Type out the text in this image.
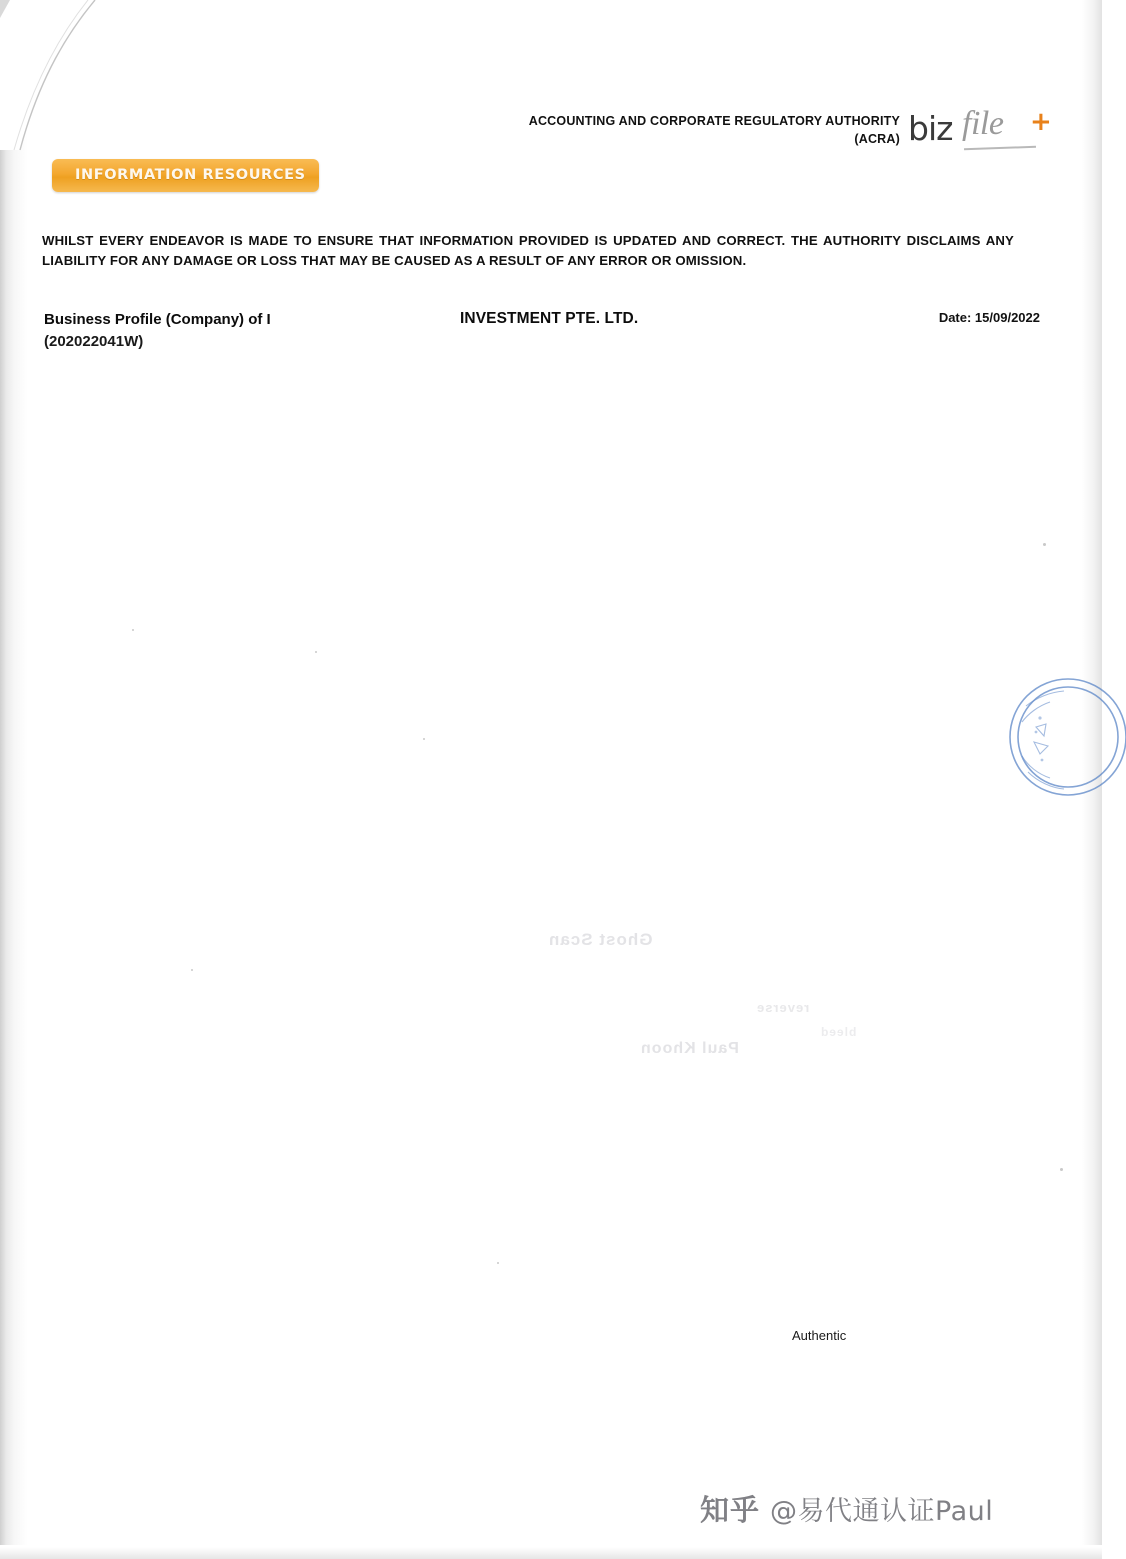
ACCOUNTING AND CORPORATE REGULATORY AUTHORITY
(ACRA) biz file +
INFORMATION RESOURCES
WHILST EVERY ENDEAVOR IS MADE TO ENSURE THAT INFORMATION PROVIDED IS UPDATED AND CORRECT. THE AUTHORITY DISCLAIMS ANY LIABILITY FOR ANY DAMAGE OR LOSS THAT MAY BE CAUSED AS A RESULT OF ANY ERROR OR OMISSION.
Business Profile (Company) of I
(202022041W)
INVESTMENT PTE. LTD.	Date: 15/09/2022
Ghost Scan
Paul Khoon
reverse
bleed
Authentic
知乎 @易代通认证Paul
